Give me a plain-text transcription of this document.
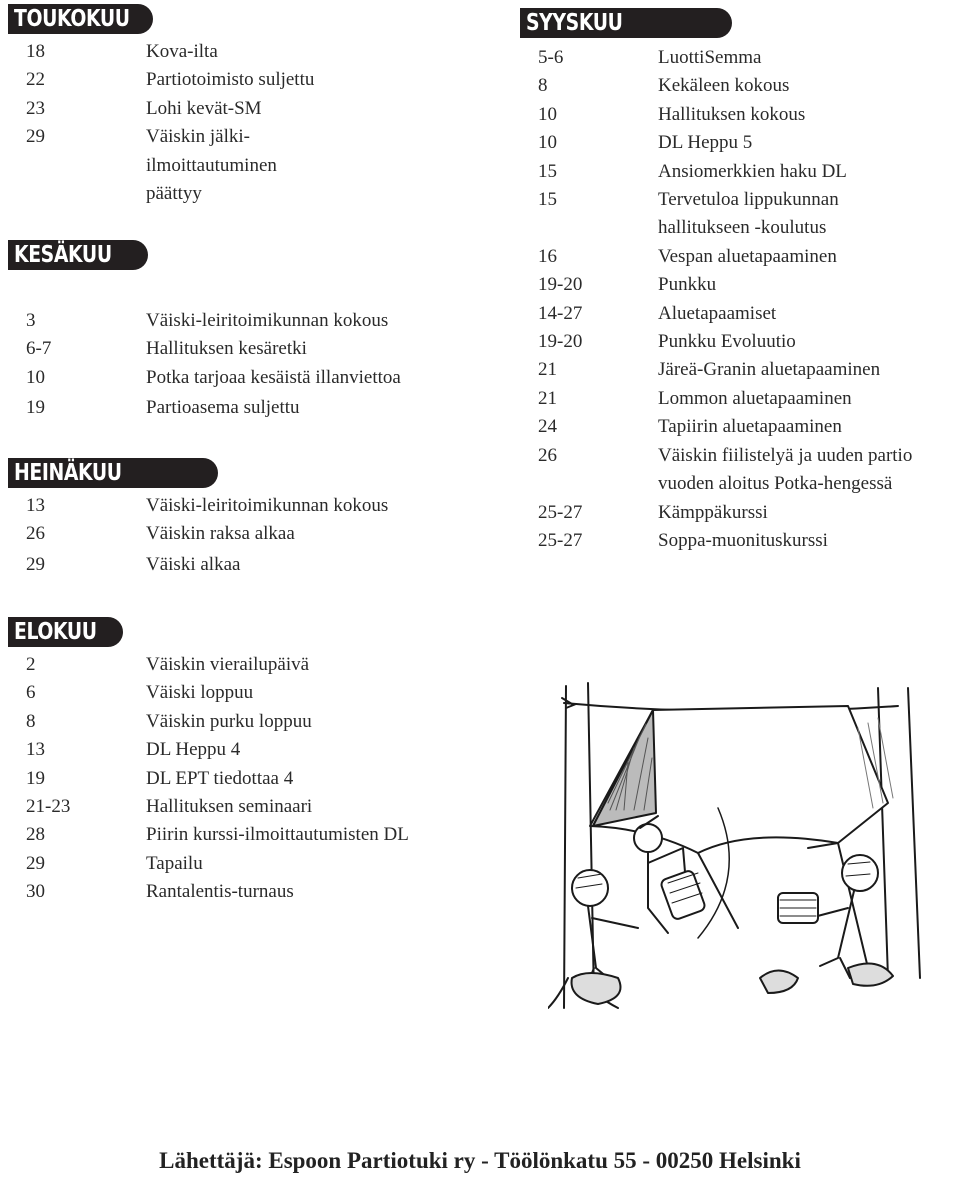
TOUKOKUU
18	Kova-ilta
22	Partiotoimisto suljettu
23	Lohi kevät-SM
29	Väiskin jälki-ilmoittautuminen päättyy
KESÄKUU
3	Väiski-leiritoimikunnan kokous
6-7	Hallituksen kesäretki
10	Potka tarjoaa kesäistä illanviettoa
19	Partioasema suljettu
HEINÄKUU
13	Väiski-leiritoimikunnan kokous
26	Väiskin raksa alkaa
29	Väiski alkaa
ELOKUU
2	Väiskin vierailupäivä
6	Väiski loppuu
8	Väiskin purku loppuu
13	DL Heppu 4
19	DL EPT tiedottaa 4
21-23	Hallituksen seminaari
28	Piirin kurssi-ilmoittautumisten DL
29	Tapailu
30	Rantalentis-turnaus
SYYSKUU
5-6	LuottiSemma
8	Kekäleen kokous
10	Hallituksen kokous
10	DL Heppu 5
15	Ansiomerkkien haku DL
15	Tervetuloa lippukunnan hallitukseen -koulutus
16	Vespan aluetapaaminen
19-20	Punkku
14-27	Aluetapaamiset
19-20	Punkku Evoluutio
21	Järeä-Granin aluetapaaminen
21	Lommon aluetapaaminen
24	Tapiirin aluetapaaminen
26	Väiskin fiilistelyä ja uuden partio vuoden aloitus Potka-hengessä
25-27	Kämppäkurssi
25-27	Soppa-muonituskurssi
Lähettäjä: Espoon Partiotuki ry - Töölönkatu 55 - 00250 Helsinki
